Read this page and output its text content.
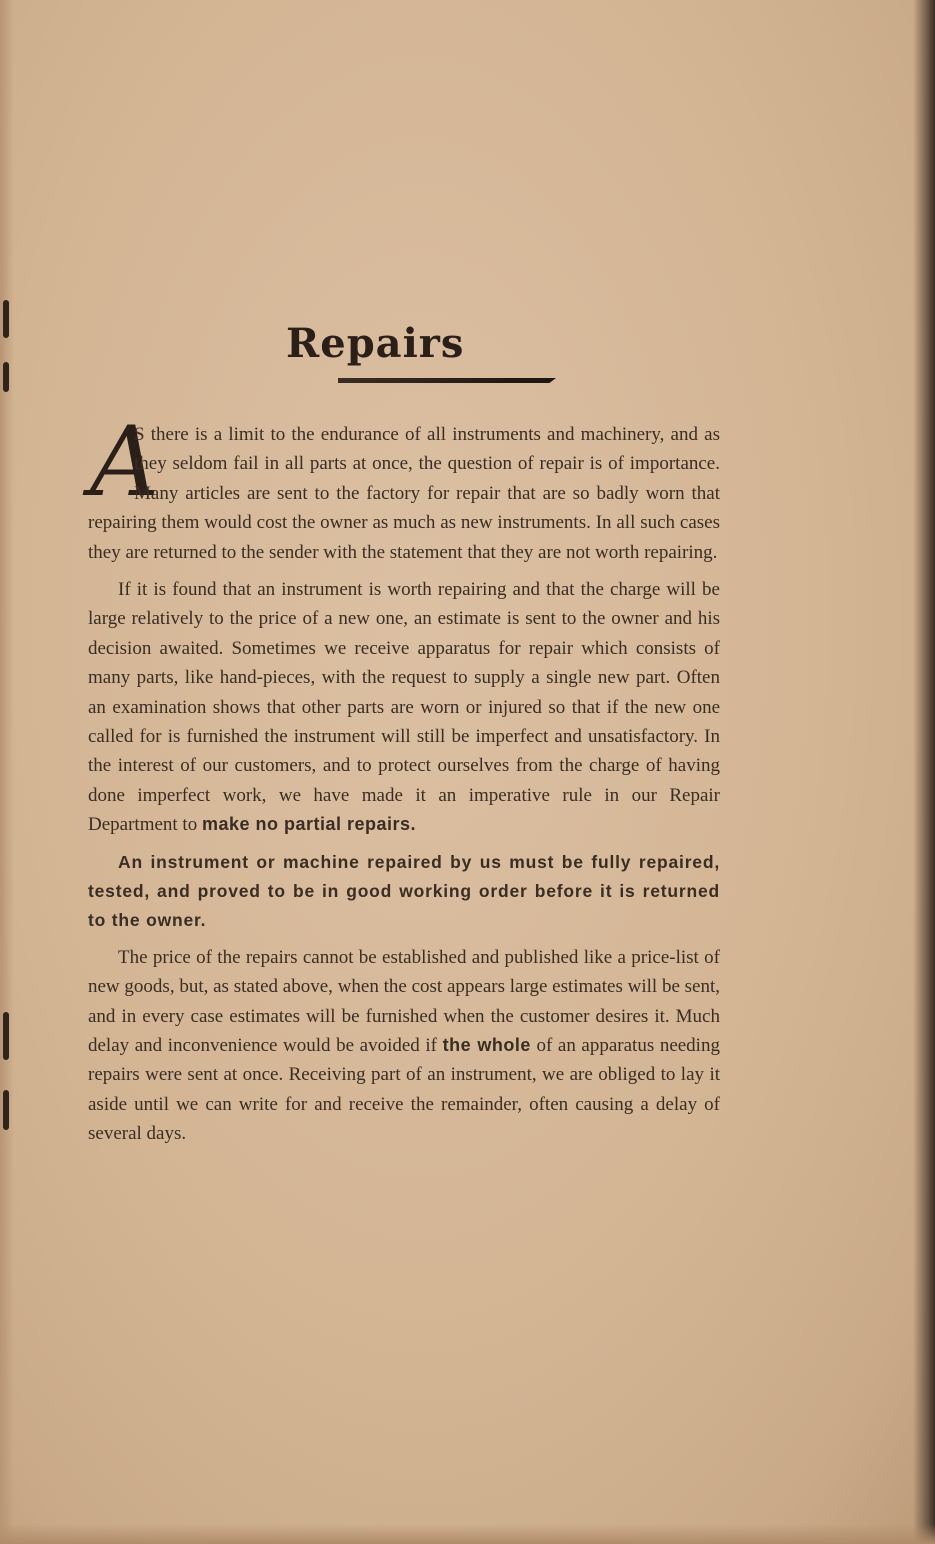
Repairs

A
S there is a limit to the endurance of all instruments and machinery, and as they seldom fail in all parts at once, the question of repair is of importance. Many articles are sent to the factory for repair that are so badly worn that repairing them would cost the owner as much as new instruments. In all such cases they are returned to the sender with the statement that they are not worth repairing.

If it is found that an instrument is worth repairing and that the charge will be large relatively to the price of a new one, an estimate is sent to the owner and his decision awaited. Sometimes we receive apparatus for repair which consists of many parts, like hand-pieces, with the request to supply a single new part. Often an examination shows that other parts are worn or injured so that if the new one called for is furnished the instrument will still be imperfect and unsatisfactory. In the interest of our customers, and to protect ourselves from the charge of having done imperfect work, we have made it an imperative rule in our Repair Department to make no partial repairs.

An instrument or machine repaired by us must be fully repaired, tested, and proved to be in good working order before it is returned to the owner.

The price of the repairs cannot be established and published like a price-list of new goods, but, as stated above, when the cost appears large estimates will be sent, and in every case estimates will be furnished when the customer desires it. Much delay and inconvenience would be avoided if the whole of an apparatus needing repairs were sent at once. Receiving part of an instrument, we are obliged to lay it aside until we can write for and receive the remainder, often causing a delay of several days.
